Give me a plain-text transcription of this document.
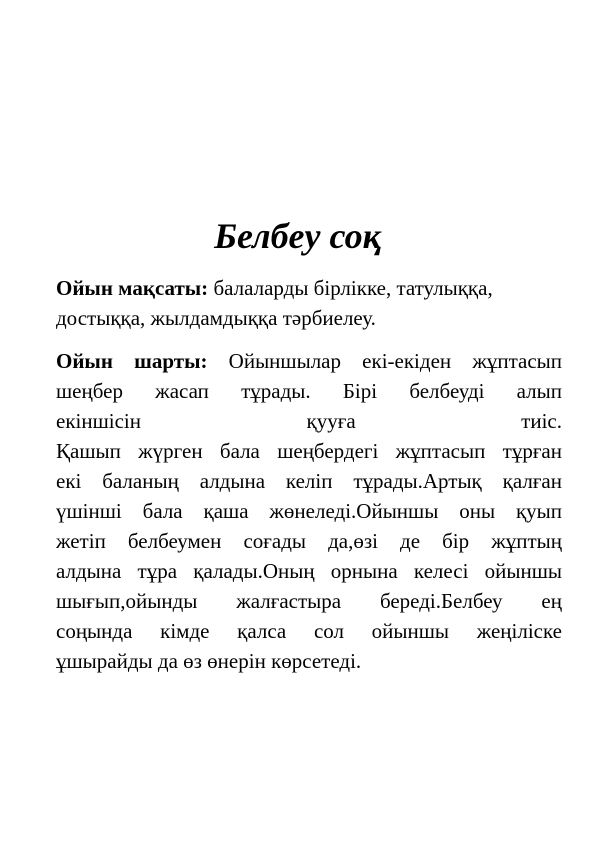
Белбеу соқ
Ойын мақсаты: балаларды бірлікке, татулыққа,
достыққа, жылдамдыққа тәрбиелеу.
Ойын шарты: Ойыншылар екі-екіден жұптасып
шеңбер жасап тұрады. Бірі белбеуді алып
екіншісін қууға тиіс.
Қашып жүрген бала шеңбердегі жұптасып тұрған
екі баланың алдына келіп тұрады.Артық қалған
үшінші бала қаша жөнеледі.Ойыншы оны қуып
жетіп белбеумен соғады да,өзі де бір жұптың
алдына тұра қалады.Оның орнына келесі ойыншы
шығып,ойынды жалғастыра береді.Белбеу ең
соңында кімде қалса сол ойыншы жеңіліске
ұшырайды да өз өнерін көрсетеді.
